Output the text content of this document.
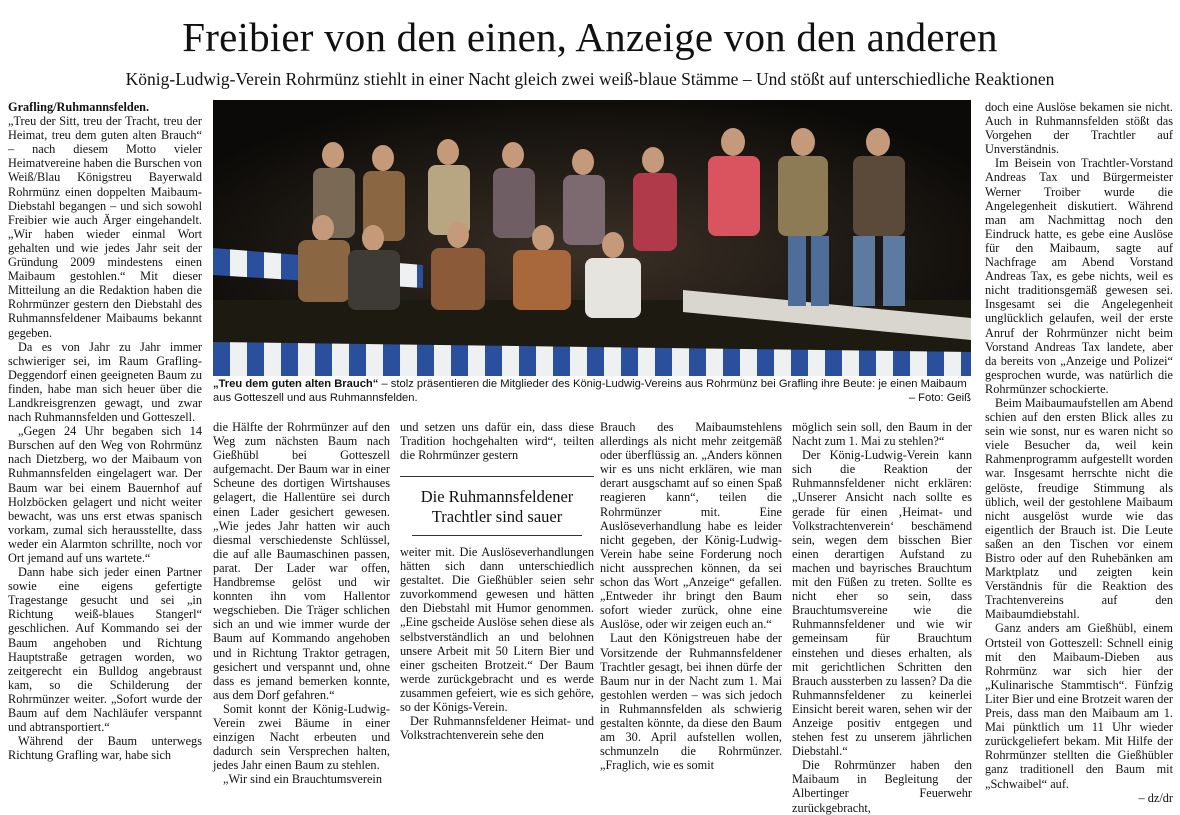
Freibier von den einen, Anzeige von den anderen

König-Ludwig-Verein Rohrmünz stiehlt in einer Nacht gleich zwei weiß-blaue Stämme – Und stößt auf unterschiedliche Reaktionen

Grafling/Ruhmannsfelden.

„Treu der Sitt, treu der Tracht, treu der Heimat, treu dem guten alten Brauch“ – nach diesem Motto vieler Heimatvereine haben die Burschen von Weiß/Blau Königstreu Bayerwald Rohrmünz einen doppelten Maibaum-Diebstahl begangen – und sich sowohl Freibier wie auch Ärger eingehandelt. „Wir haben wieder einmal Wort gehalten und wie jedes Jahr seit der Gründung 2009 mindestens einen Maibaum gestohlen.“ Mit dieser Mitteilung an die Redaktion haben die Rohrmünzer gestern den Diebstahl des Ruhmannsfeldener Maibaums bekannt gegeben.

Da es von Jahr zu Jahr immer schwieriger sei, im Raum Grafling-Deggendorf einen geeigneten Baum zu finden, habe man sich heuer über die Landkreisgrenzen gewagt, und zwar nach Ruhmannsfelden und Gotteszell.

„Gegen 24 Uhr begaben sich 14 Burschen auf den Weg von Rohrmünz nach Dietzberg, wo der Maibaum von Ruhmannsfelden eingelagert war. Der Baum war bei einem Bauernhof auf Holzböcken gelagert und nicht weiter bewacht, was uns erst etwas spanisch vorkam, zumal sich herausstellte, dass weder ein Alarmton schrillte, noch vor Ort jemand auf uns wartete.“

Dann habe sich jeder einen Partner sowie eine eigens gefertigte Tragestange gesucht und sei „in Richtung weiß-blaues Stangerl“ geschlichen. Auf Kommando sei der Baum angehoben und Richtung Hauptstraße getragen worden, wo zeitgerecht ein Bulldog angebraust kam, so die Schilderung der Rohrmünzer weiter. „Sofort wurde der Baum auf dem Nachläufer verspannt und abtransportiert.“

Während der Baum unterwegs Richtung Grafling war, habe sich

„Treu dem guten alten Brauch“ – stolz präsentieren die Mitglieder des König-Ludwig-Vereins aus Rohrmünz bei Grafling ihre Beute: je einen Maibaum aus Gotteszell und aus Ruhmannsfelden.	– Foto: Geiß

die Hälfte der Rohrmünzer auf den Weg zum nächsten Baum nach Gießhübl bei Gotteszell aufgemacht. Der Baum war in einer Scheune des dortigen Wirtshauses gelagert, die Hallentüre sei durch einen Lader gesichert gewesen. „Wie jedes Jahr hatten wir auch diesmal verschiedenste Schlüssel, die auf alle Baumaschinen passen, parat. Der Lader war offen, Handbremse gelöst und wir konnten ihn vom Hallentor wegschieben. Die Träger schlichen sich an und wie immer wurde der Baum auf Kommando angehoben und in Richtung Traktor getragen, gesichert und verspannt und, ohne dass es jemand bemerken konnte, aus dem Dorf gefahren.“

Somit konnt der König-Ludwig-Verein zwei Bäume in einer einzigen Nacht erbeuten und dadurch sein Versprechen halten, jedes Jahr einen Baum zu stehlen.

„Wir sind ein Brauchtumsverein

und setzen uns dafür ein, dass diese Tradition hochgehalten wird“, teilten die Rohrmünzer gestern

Die Ruhmannsfeldener Trachtler sind sauer

weiter mit. Die Auslöseverhandlungen hätten sich dann unterschiedlich gestaltet. Die Gießhübler seien sehr zuvorkommend gewesen und hätten den Diebstahl mit Humor genommen. „Eine gscheide Auslöse sehen diese als selbstverständlich an und belohnen unsere Arbeit mit 50 Litern Bier und einer gscheiten Brotzeit.“ Der Baum werde zurückgebracht und es werde zusammen gefeiert, wie es sich gehöre, so der Königs-Verein.

Der Ruhmannsfeldener Heimat- und Volkstrachtenverein sehe den

Brauch des Maibaumstehlens allerdings als nicht mehr zeitgemäß oder überflüssig an. „Anders können wir es uns nicht erklären, wie man derart ausgschamt auf so einen Spaß reagieren kann“, teilen die Rohrmünzer mit. Eine Auslöseverhandlung habe es leider nicht gegeben, der König-Ludwig-Verein habe seine Forderung noch nicht aussprechen können, da sei schon das Wort „Anzeige“ gefallen. „Entweder ihr bringt den Baum sofort wieder zurück, ohne eine Auslöse, oder wir zeigen euch an.“

Laut den Königstreuen habe der Vorsitzende der Ruhmannsfeldener Trachtler gesagt, bei ihnen dürfe der Baum nur in der Nacht zum 1. Mai gestohlen werden – was sich jedoch in Ruhmannsfelden als schwierig gestalten könnte, da diese den Baum am 30. April aufstellen wollen, schmunzeln die Rohrmünzer. „Fraglich, wie es somit

möglich sein soll, den Baum in der Nacht zum 1. Mai zu stehlen?“

Der König-Ludwig-Verein kann sich die Reaktion der Ruhmannsfeldener nicht erklären: „Unserer Ansicht nach sollte es gerade für einen ‚Heimat- und Volkstrachtenverein‘ beschämend sein, wegen dem bisschen Bier einen derartigen Aufstand zu machen und bayrisches Brauchtum mit den Füßen zu treten. Sollte es nicht eher so sein, dass Brauchtumsvereine wie die Ruhmannsfeldener und wie wir gemeinsam für Brauchtum einstehen und dieses erhalten, als mit gerichtlichen Schritten den Brauch aussterben zu lassen? Da die Ruhmannsfeldener zu keinerlei Einsicht bereit waren, sehen wir der Anzeige positiv entgegen und stehen fest zu unserem jährlichen Diebstahl.“

Die Rohrmünzer haben den Maibaum in Begleitung der Albertinger Feuerwehr zurückgebracht,

doch eine Auslöse bekamen sie nicht. Auch in Ruhmannsfelden stößt das Vorgehen der Trachtler auf Unverständnis.

Im Beisein von Trachtler-Vorstand Andreas Tax und Bürgermeister Werner Troiber wurde die Angelegenheit diskutiert. Während man am Nachmittag noch den Eindruck hatte, es gebe eine Auslöse für den Maibaum, sagte auf Nachfrage am Abend Vorstand Andreas Tax, es gebe nichts, weil es nicht traditionsgemäß gewesen sei. Insgesamt sei die Angelegenheit unglücklich gelaufen, weil der erste Anruf der Rohrmünzer nicht beim Vorstand Andreas Tax landete, aber da bereits von „Anzeige und Polizei“ gesprochen wurde, was natürlich die Rohrmünzer schockierte.

Beim Maibaumaufstellen am Abend schien auf den ersten Blick alles zu sein wie sonst, nur es waren nicht so viele Besucher da, weil kein Rahmenprogramm aufgestellt worden war. Insgesamt herrschte nicht die gelöste, freudige Stimmung als üblich, weil der gestohlene Maibaum nicht ausgelöst wurde wie das eigentlich der Brauch ist. Die Leute saßen an den Tischen vor einem Bistro oder auf den Ruhebänken am Marktplatz und zeigten kein Verständnis für die Reaktion des Trachtenvereins auf den Maibaumdiebstahl.

Ganz anders am Gießhübl, einem Ortsteil von Gotteszell: Schnell einig mit den Maibaum-Dieben aus Rohrmünz war sich hier der „Kulinarische Stammtisch“. Fünfzig Liter Bier und eine Brotzeit waren der Preis, dass man den Maibaum am 1. Mai pünktlich um 11 Uhr wieder zurückgeliefert bekam. Mit Hilfe der Rohrmünzer stellten die Gießhübler ganz traditionell den Baum mit „Schwaibel“ auf.

– dz/dr
